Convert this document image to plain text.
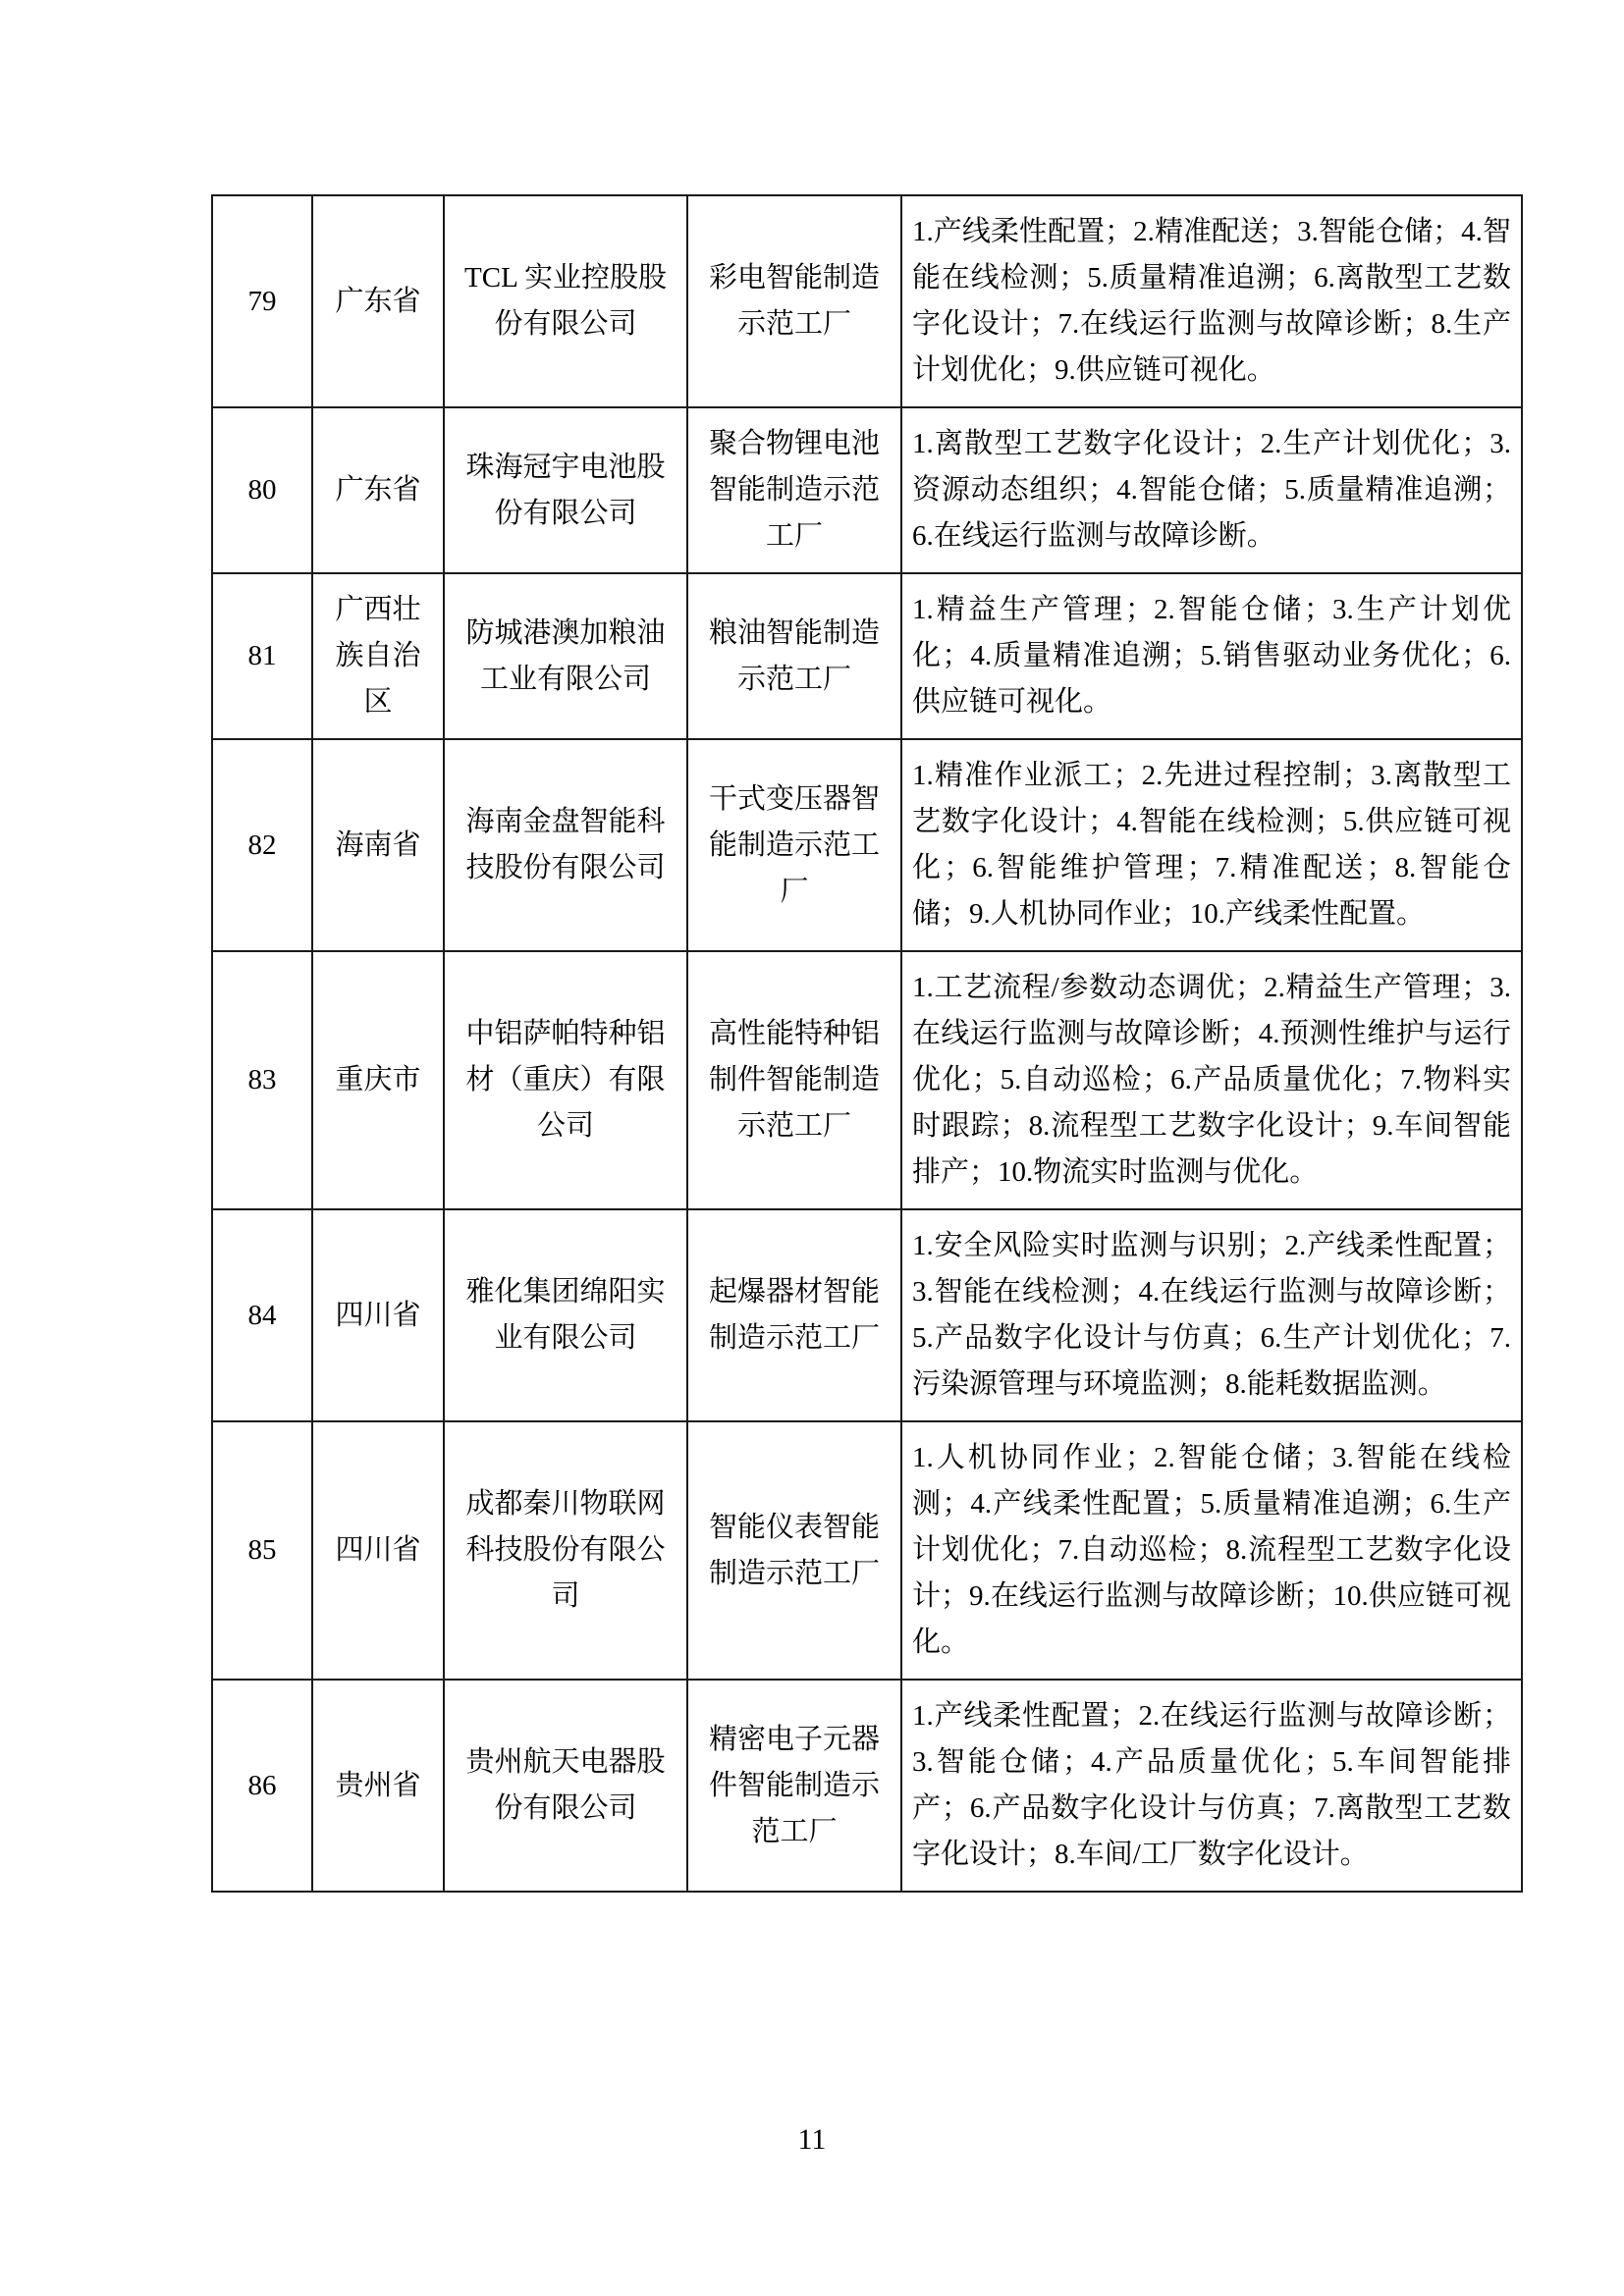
79	广东省	TCL 实业控股股份有限公司	彩电智能制造示范工厂	1.产线柔性配置；2.精准配送；3.智能仓储；4.智能在线检测；5.质量精准追溯；6.离散型工艺数字化设计；7.在线运行监测与故障诊断；8.生产计划优化；9.供应链可视化。
80	广东省	珠海冠宇电池股份有限公司	聚合物锂电池智能制造示范工厂	1.离散型工艺数字化设计；2.生产计划优化；3.资源动态组织；4.智能仓储；5.质量精准追溯；6.在线运行监测与故障诊断。
81	广西壮族自治区	防城港澳加粮油工业有限公司	粮油智能制造示范工厂	1.精益生产管理；2.智能仓储；3.生产计划优化；4.质量精准追溯；5.销售驱动业务优化；6.供应链可视化。
82	海南省	海南金盘智能科技股份有限公司	干式变压器智能制造示范工厂	1.精准作业派工；2.先进过程控制；3.离散型工艺数字化设计；4.智能在线检测；5.供应链可视化；6.智能维护管理；7.精准配送；8.智能仓储；9.人机协同作业；10.产线柔性配置。
83	重庆市	中铝萨帕特种铝材（重庆）有限公司	高性能特种铝制件智能制造示范工厂	1.工艺流程/参数动态调优；2.精益生产管理；3.在线运行监测与故障诊断；4.预测性维护与运行优化；5.自动巡检；6.产品质量优化；7.物料实时跟踪；8.流程型工艺数字化设计；9.车间智能排产；10.物流实时监测与优化。
84	四川省	雅化集团绵阳实业有限公司	起爆器材智能制造示范工厂	1.安全风险实时监测与识别；2.产线柔性配置；3.智能在线检测；4.在线运行监测与故障诊断；5.产品数字化设计与仿真；6.生产计划优化；7.污染源管理与环境监测；8.能耗数据监测。
85	四川省	成都秦川物联网科技股份有限公司	智能仪表智能制造示范工厂	1.人机协同作业；2.智能仓储；3.智能在线检测；4.产线柔性配置；5.质量精准追溯；6.生产计划优化；7.自动巡检；8.流程型工艺数字化设计；9.在线运行监测与故障诊断；10.供应链可视化。
86	贵州省	贵州航天电器股份有限公司	精密电子元器件智能制造示范工厂	1.产线柔性配置；2.在线运行监测与故障诊断；3.智能仓储；4.产品质量优化；5.车间智能排产；6.产品数字化设计与仿真；7.离散型工艺数字化设计；8.车间/工厂数字化设计。
11
